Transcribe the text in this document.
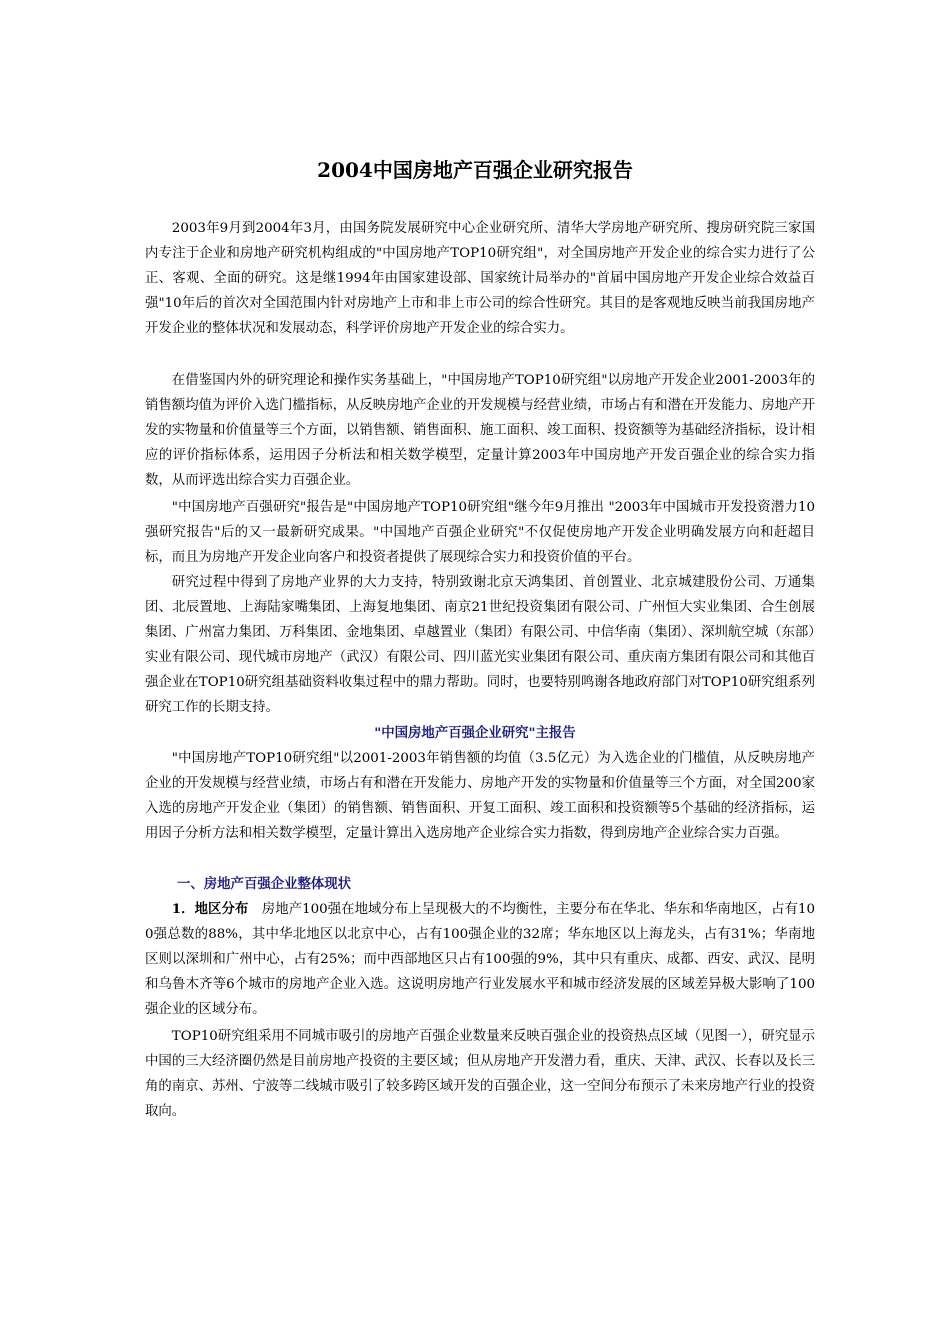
2004中国房地产百强企业研究报告
2003年9月到2004年3月，由国务院发展研究中心企业研究所、清华大学房地产研究所、搜房研究院三家国内专注于企业和房地产研究机构组成的"中国房地产TOP10研究组"，对全国房地产开发企业的综合实力进行了公正、客观、全面的研究。这是继1994年由国家建设部、国家统计局举办的"首届中国房地产开发企业综合效益百强"10年后的首次对全国范围内针对房地产上市和非上市公司的综合性研究。其目的是客观地反映当前我国房地产开发企业的整体状况和发展动态，科学评价房地产开发企业的综合实力。
在借鉴国内外的研究理论和操作实务基础上，"中国房地产TOP10研究组"以房地产开发企业2001-2003年的销售额均值为评价入选门槛指标，从反映房地产企业的开发规模与经营业绩，市场占有和潜在开发能力、房地产开发的实物量和价值量等三个方面，以销售额、销售面积、施工面积、竣工面积、投资额等为基础经济指标，设计相应的评价指标体系，运用因子分析法和相关数学模型，定量计算2003年中国房地产开发百强企业的综合实力指数，从而评选出综合实力百强企业。
"中国房地产百强研究"报告是"中国房地产TOP10研究组"继今年9月推出 "2003年中国城市开发投资潜力10强研究报告"后的又一最新研究成果。"中国地产百强企业研究"不仅促使房地产开发企业明确发展方向和赶超目标，而且为房地产开发企业向客户和投资者提供了展现综合实力和投资价值的平台。
研究过程中得到了房地产业界的大力支持，特别致谢北京天鸿集团、首创置业、北京城建股份公司、万通集团、北辰置地、上海陆家嘴集团、上海复地集团、南京21世纪投资集团有限公司、广州恒大实业集团、合生创展集团、广州富力集团、万科集团、金地集团、卓越置业（集团）有限公司、中信华南（集团）、深圳航空城（东部）实业有限公司、现代城市房地产（武汉）有限公司、四川蓝光实业集团有限公司、重庆南方集团有限公司和其他百强企业在TOP10研究组基础资料收集过程中的鼎力帮助。同时，也要特别鸣谢各地政府部门对TOP10研究组系列研究工作的长期支持。
"中国房地产百强企业研究"主报告
"中国房地产TOP10研究组"以2001-2003年销售额的均值（3.5亿元）为入选企业的门槛值，从反映房地产企业的开发规模与经营业绩，市场占有和潜在开发能力、房地产开发的实物量和价值量等三个方面，对全国200家入选的房地产开发企业（集团）的销售额、销售面积、开复工面积、竣工面积和投资额等5个基础的经济指标，运用因子分析方法和相关数学模型，定量计算出入选房地产企业综合实力指数，得到房地产企业综合实力百强。
一、房地产百强企业整体现状
1．地区分布　 房地产100强在地域分布上呈现极大的不均衡性，主要分布在华北、华东和华南地区，占有100强总数的88%，其中华北地区以北京中心，占有100强企业的32席；华东地区以上海龙头，占有31%；华南地区则以深圳和广州中心，占有25%；而中西部地区只占有100强的9%，其中只有重庆、成都、西安、武汉、昆明和乌鲁木齐等6个城市的房地产企业入选。这说明房地产行业发展水平和城市经济发展的区域差异极大影响了100强企业的区域分布。
TOP10研究组采用不同城市吸引的房地产百强企业数量来反映百强企业的投资热点区域（见图一），研究显示中国的三大经济圈仍然是目前房地产投资的主要区域；但从房地产开发潜力看，重庆、天津、武汉、长春以及长三角的南京、苏州、宁波等二线城市吸引了较多跨区域开发的百强企业，这一空间分布预示了未来房地产行业的投资取向。
